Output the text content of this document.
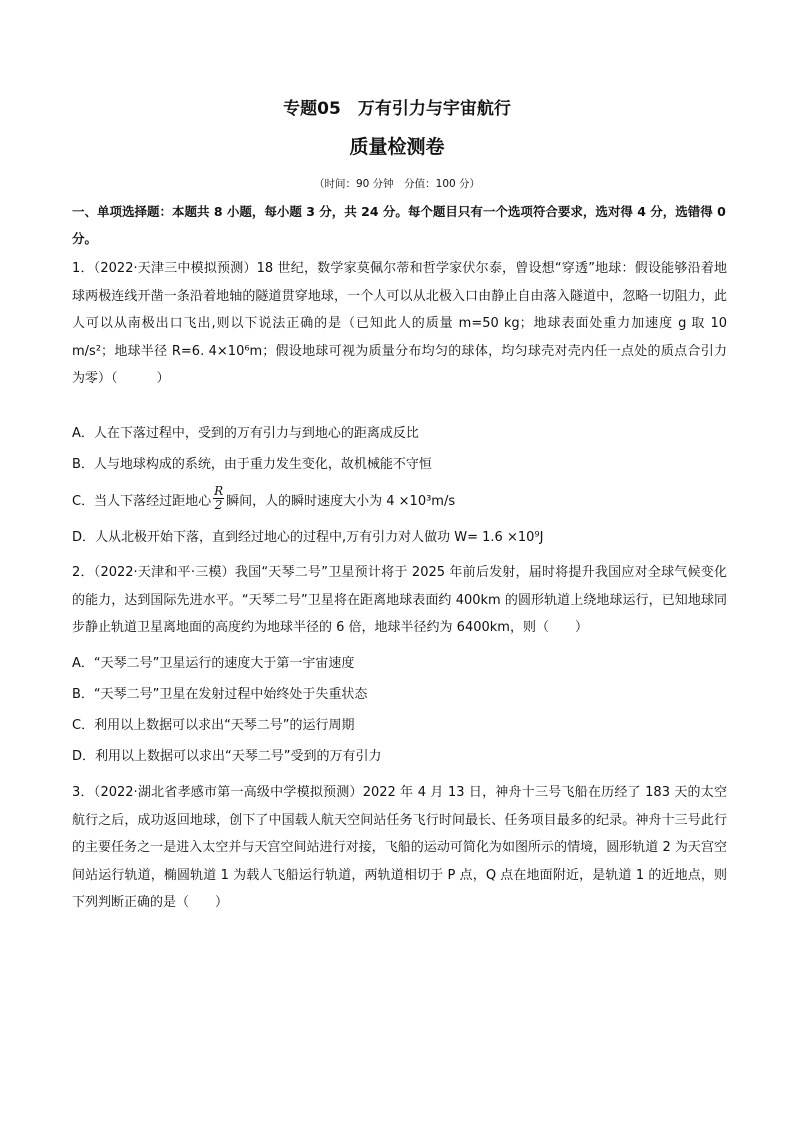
专题05　万有引力与宇宙航行
质量检测卷
（时间：90 分钟　分值：100 分）
一、单项选择题：本题共 8 小题，每小题 3 分，共 24 分。每个题目只有一个选项符合要求，选对得 4 分，选错得 0 分。
1．（2022·天津三中模拟预测）18 世纪，数学家莫佩尔蒂和哲学家伏尔泰，曾设想“穿透”地球：假设能够沿着地球两极连线开凿一条沿着地轴的隧道贯穿地球，一个人可以从北极入口由静止自由落入隧道中，忽略一切阻力，此人可以从南极出口飞出,则以下说法正确的是（已知此人的质量 m=50 kg；地球表面处重力加速度 g 取 10 m/s²；地球半径 R=6. 4×10⁶m；假设地球可视为质量分布均匀的球体，均匀球壳对壳内任一点处的质点合引力为零）（　　　）
A．人在下落过程中，受到的万有引力与到地心的距离成反比
B．人与地球构成的系统，由于重力发生变化，故机械能不守恒
C．当人下落经过距地心 $\frac{R}{2}$ 瞬间，人的瞬时速度大小为 4 ×10³m/s
D．人从北极开始下落，直到经过地心的过程中,万有引力对人做功 W= 1.6 ×10⁹J
2．（2022·天津和平·三模）我国“天琴二号”卫星预计将于 2025 年前后发射，届时将提升我国应对全球气候变化的能力，达到国际先进水平。“天琴二号”卫星将在距离地球表面约 400km 的圆形轨道上绕地球运行，已知地球同步静止轨道卫星离地面的高度约为地球半径的 6 倍，地球半径约为 6400km，则（　　）
A．“天琴二号”卫星运行的速度大于第一宇宙速度
B．“天琴二号”卫星在发射过程中始终处于失重状态
C．利用以上数据可以求出“天琴二号”的运行周期
D．利用以上数据可以求出“天琴二号”受到的万有引力
3．（2022·湖北省孝感市第一高级中学模拟预测）2022 年 4 月 13 日，神舟十三号飞船在历经了 183 天的太空航行之后，成功返回地球，创下了中国载人航天空间站任务飞行时间最长、任务项目最多的纪录。神舟十三号此行的主要任务之一是进入太空并与天宫空间站进行对接，飞船的运动可简化为如图所示的情境，圆形轨道 2 为天宫空间站运行轨道，椭圆轨道 1 为载人飞船运行轨道，两轨道相切于 P 点，Q 点在地面附近，是轨道 1 的近地点，则下列判断正确的是（　　）
